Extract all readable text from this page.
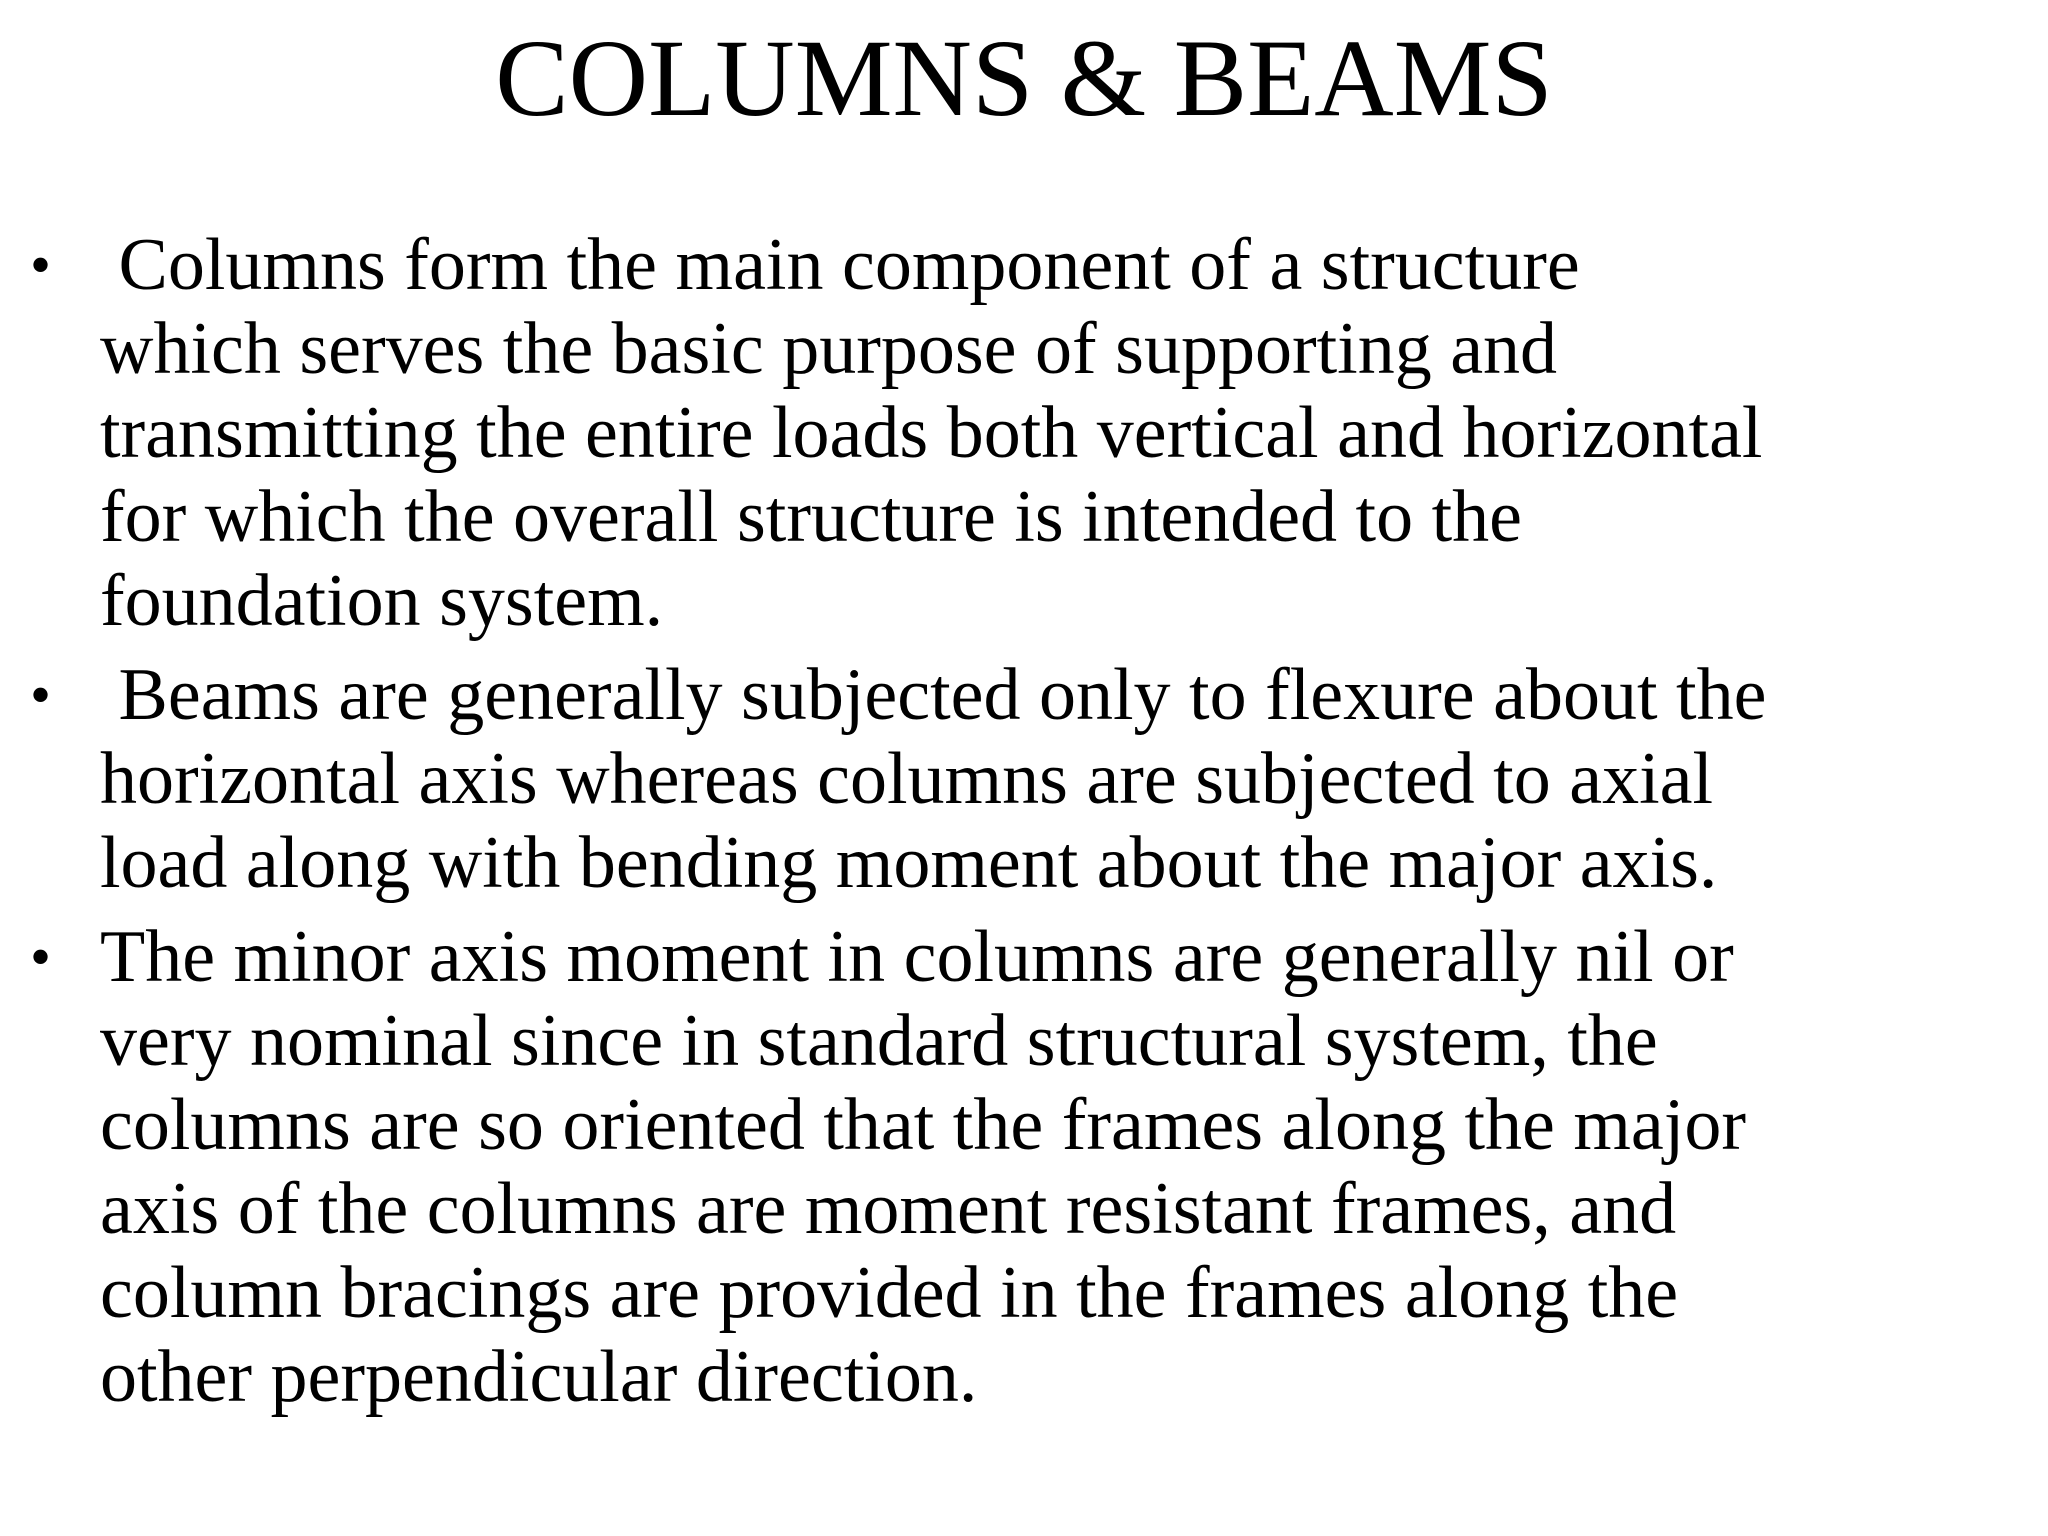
COLUMNS & BEAMS
• Columns form the main component of a structure
which serves the basic purpose of supporting and
transmitting the entire loads both vertical and horizontal
for which the overall structure is intended to the
foundation system.
• Beams are generally subjected only to flexure about the
horizontal axis whereas columns are subjected to axial
load along with bending moment about the major axis.
• The minor axis moment in columns are generally nil or
very nominal since in standard structural system, the
columns are so oriented that the frames along the major
axis of the columns are moment resistant frames, and
column bracings are provided in the frames along the
other perpendicular direction.
